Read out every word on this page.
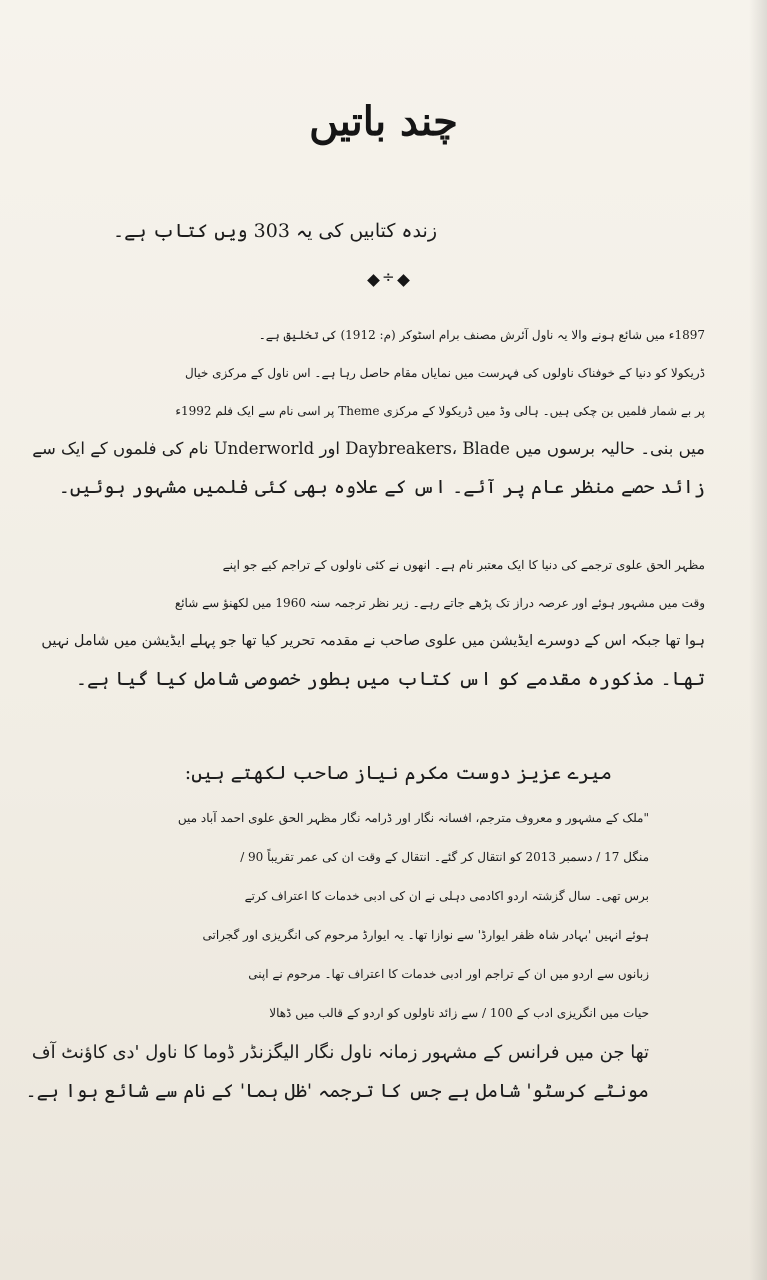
چند باتیں
زندہ کتابیں کی یہ 303 ویں کتاب ہے۔
÷
1897ء میں شائع ہونے والا یہ ناول آئرش مصنف برام اسٹوکر (م: 1912) کی تخلیق ہے۔
ڈریکولا کو دنیا کے خوفناک ناولوں کی فہرست میں نمایاں مقام حاصل رہا ہے۔ اس ناول کے مرکزی خیال
پر بے شمار فلمیں بن چکی ہیں۔ ہالی وڈ میں ڈریکولا کے مرکزی Theme پر اسی نام سے ایک فلم 1992ء
میں بنی۔ حالیہ برسوں میں Daybreakers، Blade اور Underworld نام کی فلموں کے ایک سے
زائد حصے منظر عام پر آئے۔ اس کے علاوہ بھی کئی فلمیں مشہور ہوئیں۔
مظہر الحق علوی ترجمے کی دنیا کا ایک معتبر نام ہے۔ انھوں نے کئی ناولوں کے تراجم کیے جو اپنے
وقت میں مشہور ہوئے اور عرصہ دراز تک پڑھے جاتے رہے۔ زیر نظر ترجمہ سنہ 1960 میں لکھنؤ سے شائع
ہوا تھا جبکہ اس کے دوسرے ایڈیشن میں علوی صاحب نے مقدمہ تحریر کیا تھا جو پہلے ایڈیشن میں شامل نہیں
تھا۔ مذکورہ مقدمے کو اس کتاب میں بطور خصوصی شامل کیا گیا ہے۔
میرے عزیز دوست مکرم نیاز صاحب لکھتے ہیں:
"ملک کے مشہور و معروف مترجم، افسانہ نگار اور ڈرامہ نگار مظہر الحق علوی احمد آباد میں
منگل 17 / دسمبر 2013 کو انتقال کر گئے۔ انتقال کے وقت ان کی عمر تقریباً 90 /
برس تھی۔ سال گزشتہ اردو اکادمی دہلی نے ان کی ادبی خدمات کا اعتراف کرتے
ہوئے انہیں 'بہادر شاہ ظفر ایوارڈ' سے نوازا تھا۔ یہ ایوارڈ مرحوم کی انگریزی اور گجراتی
زبانوں سے اردو میں ان کے تراجم اور ادبی خدمات کا اعتراف تھا۔ مرحوم نے اپنی
حیات میں انگریزی ادب کے 100 / سے زائد ناولوں کو اردو کے قالب میں ڈھالا
تھا جن میں فرانس کے مشہور زمانہ ناول نگار الیگزنڈر ڈوما کا ناول 'دی کاؤنٹ آف
مونٹے کرسٹو' شامل ہے جس کا ترجمہ 'ظل ہما' کے نام سے شائع ہوا ہے۔
